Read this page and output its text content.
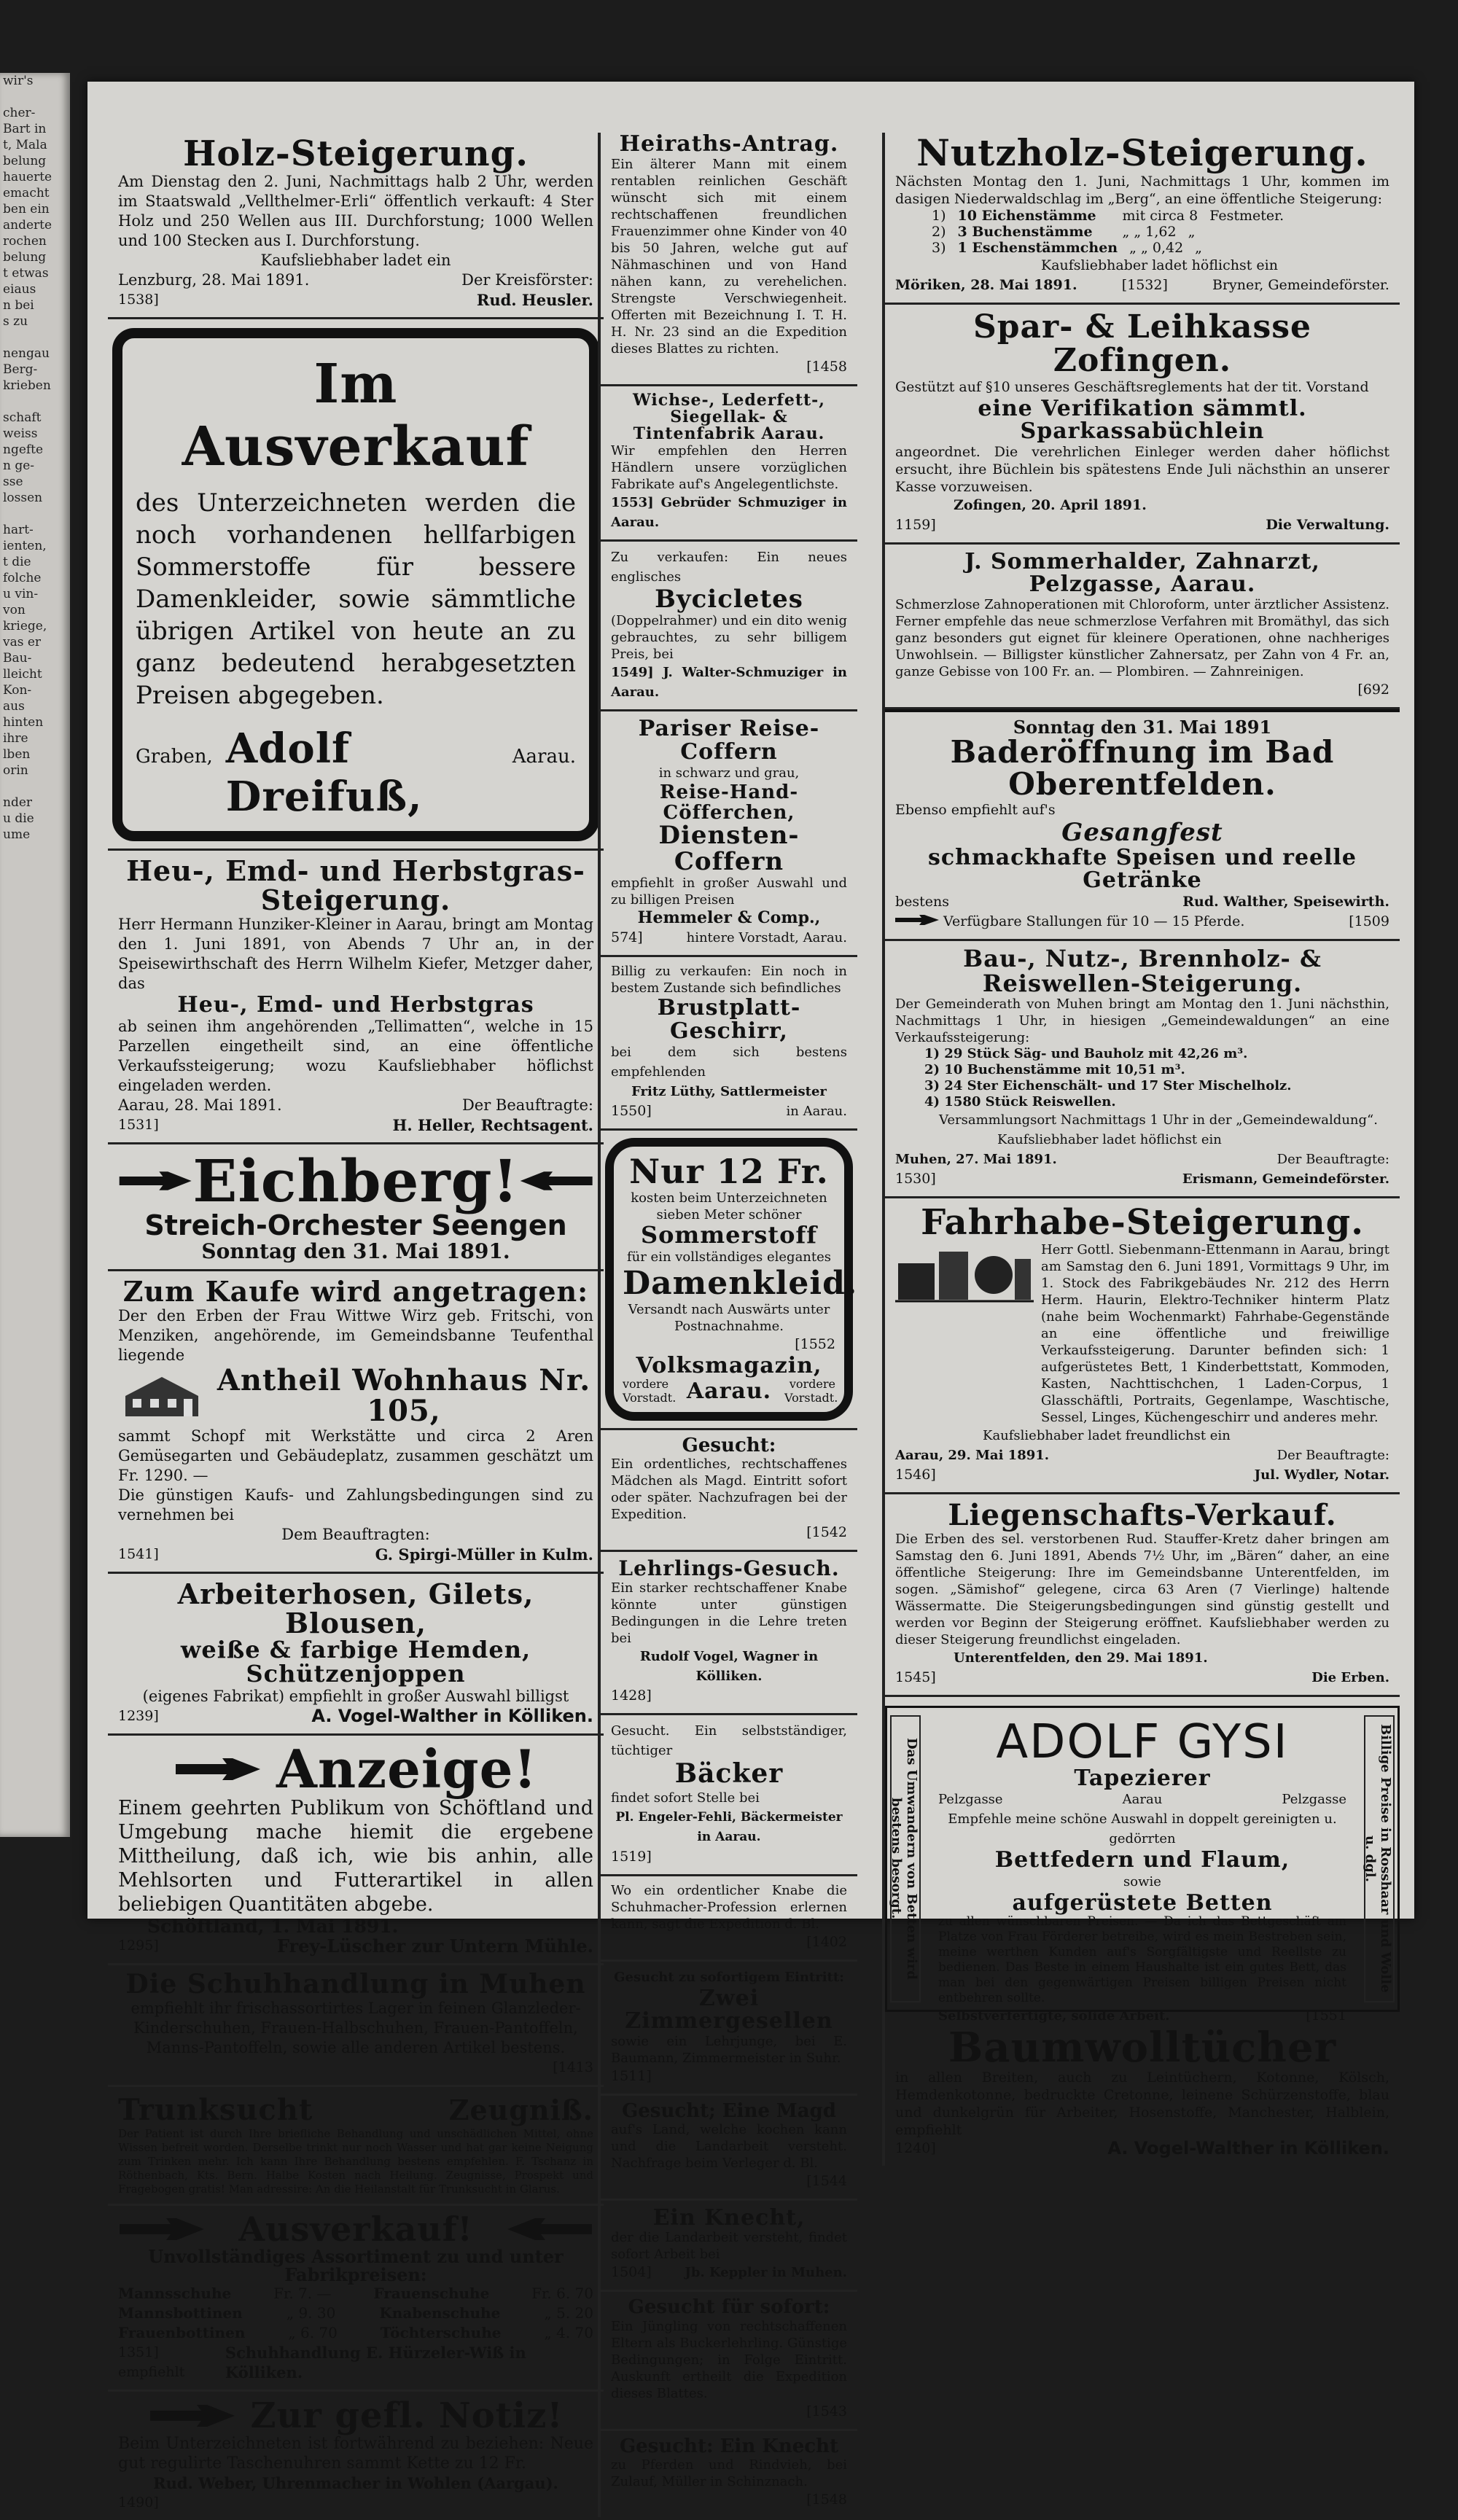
wir's

cher-

Bart in

t, Mala

belung

hauerte

emacht

ben ein

anderte

rochen

belung

t etwas

eiaus

n bei

s zu

nengau

Berg-

krieben

schaft

weiss

ngefte

n ge-

sse

lossen

hart-

ienten,

t die

folche

u vin-

von

kriege,

vas er

Bau-

lleicht

Kon-

aus

hinten

ihre

lben

orin

nder

u die

ume

Holz-Steigerung.

Am Dienstag den 2. Juni, Nachmittags halb 2 Uhr, werden im Staatswald „Vellthelmer-Erli“ öffentlich verkauft: 4 Ster Holz und 250 Wellen aus III. Durchforstung; 1000 Wellen und 100 Stecken aus I. Durchforstung.

Kaufsliebhaber ladet ein

Lenzburg, 28. Mai 1891.	Der Kreisförster:
1538]	Rud. Heusler.

Im Ausverkauf

des Unterzeichneten werden die noch vorhandenen hellfarbigen Sommerstoffe für bessere Damenkleider, sowie sämmtliche übrigen Artikel von heute an zu ganz bedeutend herabgesetzten Preisen abgegeben.

Graben, Adolf Dreifuß,
Aarau.

Heu-, Emd- und Herbstgras-Steigerung.

Herr Hermann Hunziker-Kleiner in Aarau, bringt am Montag den 1. Juni 1891, von Abends 7 Uhr an, in der Speisewirthschaft des Herrn Wilhelm Kiefer, Metzger daher, das

Heu-, Emd- und Herbstgras

ab seinen ihm angehörenden „Tellimatten“, welche in 15 Parzellen eingetheilt sind, an eine öffentliche Verkaufssteigerung; wozu Kaufsliebhaber höflichst eingeladen werden.

Aarau, 28. Mai 1891.	Der Beauftragte:
1531]	H. Heller, Rechtsagent.

Eichberg!

Streich-Orchester Seengen

Sonntag den 31. Mai 1891.

Zum Kaufe wird angetragen:

Der den Erben der Frau Wittwe Wirz geb. Fritschi, von Menziken, angehörende, im Gemeindsbanne Teufenthal liegende

Antheil Wohnhaus Nr. 105,

sammt Schopf mit Werkstätte und circa 2 Aren Gemüsegarten und Gebäudeplatz, zusammen geschätzt um Fr. 1290. —

Die günstigen Kaufs- und Zahlungsbedingungen sind zu vernehmen bei

Dem Beauftragten:

1541]	G. Spirgi-Müller in Kulm.

Arbeiterhosen, Gilets, Blousen,

weiße & farbige Hemden, Schützenjoppen

(eigenes Fabrikat) empfiehlt in großer Auswahl billigst

1239]	A. Vogel-Walther in Kölliken.

Anzeige!

Einem geehrten Publikum von Schöftland und Umgebung mache hiemit die ergebene Mittheilung, daß ich, wie bis anhin, alle Mehlsorten und Futterartikel in allen beliebigen Quantitäten abgebe.

Schöftland, 1. Mai 1891.

1295]	Frey-Lüscher zur Untern Mühle.

Die Schuhhandlung in Muhen

empfiehlt ihr frischassortirtes Lager in feinen Glanzleder-Kinderschuhen, Frauen-Halbschuhen, Frauen-Pantoffeln, Manns-Pantoffeln, sowie alle anderen Artikel bestens.

[1413
Trunksucht	Zeugniß.

Der Patient ist durch Ihre briefliche Behandlung und unschädlichen Mittel, ohne Wissen befreit worden. Derselbe trinkt nur noch Wasser und hat gar keine Neigung zum Trinken mehr. Ich kann Ihre Behandlung bestens empfehlen. F. Tschanz in Röthenbach, Kts. Bern. Halbe Kosten nach Heilung. Zeugnisse, Prospekt und Fragebogen gratis! Man adressire: An die Heilanstalt für Trunksucht in Glarus.

Ausverkauf!

Unvollständiges Assortiment zu und unter Fabrikpreisen:

Mannsschuhe	Fr. 7. —	Frauenschuhe	Fr. 6. 70
Mannsbottinen	„ 9. 30	Knabenschuhe	„ 5. 20
Frauenbottinen	„ 6. 70	Töchterschuhe	„ 4. 70
1351] empfiehlt
Schuhhandlung E. Hürzeler-Wiß in Kölliken.

Zur gefl. Notiz!

Beim Unterzeichneten ist fortwährend zu beziehen: Neue gut regulirte Taschenuhren sammt Kette zu 12 Fr.

Rud. Weber, Uhrenmacher in Wohlen (Aargau).

1490]

Heiraths-Antrag.

Ein älterer Mann mit einem rentablen reinlichen Geschäft wünscht sich mit einem rechtschaffenen freundlichen Frauenzimmer ohne Kinder von 40 bis 50 Jahren, welche gut auf Nähmaschinen und von Hand nähen kann, zu verehelichen. Strengste Verschwiegenheit. Offerten mit Bezeichnung I. T. H. H. Nr. 23 sind an die Expedition dieses Blattes zu richten.

[1458

Wichse-, Lederfett-, Siegellak- & Tintenfabrik Aarau.

Wir empfehlen den Herren Händlern unsere vorzüglichen Fabrikate auf's Angelegentlichste.

1553] Gebrüder Schmuziger in Aarau.

Zu verkaufen: Ein neues englisches

Bycicletes

(Doppelrahmer) und ein dito wenig gebrauchtes, zu sehr billigem Preis, bei

1549] J. Walter-Schmuziger in Aarau.

Pariser Reise-Coffern

in schwarz und grau,

Reise-Hand-Cöfferchen,

Diensten-Coffern

empfiehlt in großer Auswahl und zu billigen Preisen

Hemmeler & Comp.,

574]	hintere Vorstadt, Aarau.

Billig zu verkaufen: Ein noch in bestem Zustande sich befindliches

Brustplatt-Geschirr,

bei dem sich bestens empfehlenden

Fritz Lüthy, Sattlermeister

1550]	in Aarau.

Nur 12 Fr.

kosten beim Unterzeichneten sieben Meter schöner

Sommerstoff

für ein vollständiges elegantes

Damenkleid.

Versandt nach Auswärts unter Postnachnahme.

[1552

Volksmagazin,

vordere Vorstadt. Aarau.	vordere Vorstadt.

Gesucht:

Ein ordentliches, rechtschaffenes Mädchen als Magd. Eintritt sofort oder später. Nachzufragen bei der Expedition.

[1542

Lehrlings-Gesuch.

Ein starker rechtschaffener Knabe könnte unter günstigen Bedingungen in die Lehre treten bei

Rudolf Vogel, Wagner in Kölliken.

1428]

Gesucht. Ein selbstständiger, tüchtiger

Bäcker

findet sofort Stelle bei

Pl. Engeler-Fehli, Bäckermeister in Aarau.

1519]

Wo ein ordentlicher Knabe die Schuhmacher-Profession erlernen kann, sagt die Expedition d. Bl.

[1402

Gesucht zu sofortigem Eintritt:

Zwei Zimmergesellen

sowie ein Lehrjunge, bei E. Baumann, Zimmermeister in Suhr.

1511]

Gesucht; Eine Magd

auf's Land, welche kochen kann und die Landarbeit versteht. Nachfrage beim Verleger d. Bl.

[1544

Ein Knecht,

der die Landarbeit versteht, findet sofort Arbeit bei

1504]	Jb. Keppler in Muhen.

Gesucht für sofort:

Ein Jüngling von rechtschaffenen Eltern als Buckerlehrling. Günstige Bedingungen; in Folge Eintritt. Auskunft ertheilt die Expedition dieses Blattes.

[1543

Gesucht: Ein Knecht

zu Pferden und Rindvieh, bei Zulauf, Müller in Schinznach.

[1548

Nutzholz-Steigerung.

Nächsten Montag den 1. Juni, Nachmittags 1 Uhr, kommen im dasigen Niederwaldschlag im „Berg“, an eine öffentliche Steigerung:

1) 10 Eichenstämme	mit circa 8 Festmeter.
2) 3 Buchenstämme	„ „ 1,62 „
3) 1 Eschenstämmchen „ „ 0,42 „

Kaufsliebhaber ladet höflichst ein

Möriken, 28. Mai 1891.	[1532]	Bryner, Gemeindeförster.

Spar- & Leihkasse Zofingen.

Gestützt auf §10 unseres Geschäftsreglements hat der tit. Vorstand

eine Verifikation sämmtl. Sparkassabüchlein

angeordnet. Die verehrlichen Einleger werden daher höflichst ersucht, ihre Büchlein bis spätestens Ende Juli nächsthin an unserer Kasse vorzuweisen.

Zofingen, 20. April 1891.

1159]	Die Verwaltung.

J. Sommerhalder, Zahnarzt, Pelzgasse, Aarau.

Schmerzlose Zahnoperationen mit Chloroform, unter ärztlicher Assistenz. Ferner empfehle das neue schmerzlose Verfahren mit Bromäthyl, das sich ganz besonders gut eignet für kleinere Operationen, ohne nachheriges Unwohlsein. — Billigster künstlicher Zahnersatz, per Zahn von 4 Fr. an, ganze Gebisse von 100 Fr. an. — Plombiren. — Zahnreinigen.

[692

Sonntag den 31. Mai 1891

Baderöffnung im Bad Oberentfelden.

Ebenso empfiehlt auf's

Gesangfest

schmackhafte Speisen und reelle Getränke

bestens	Rud. Walther, Speisewirth.
Verfügbare Stallungen für 10 — 15 Pferde.	[1509

Bau-, Nutz-, Brennholz- & Reiswellen-Steigerung.

Der Gemeinderath von Muhen bringt am Montag den 1. Juni nächsthin, Nachmittags 1 Uhr, in hiesigen „Gemeindewaldungen“ an eine Verkaufssteigerung:

1) 29 Stück Säg- und Bauholz mit 42,26 m³.

2) 10 Buchenstämme mit 10,51 m³.

3) 24 Ster Eichenschält- und 17 Ster Mischelholz.

4) 1580 Stück Reiswellen.

Versammlungsort Nachmittags 1 Uhr in der „Gemeindewaldung“.

Kaufsliebhaber ladet höflichst ein

Muhen, 27. Mai 1891.	Der Beauftragte:
1530]	Erismann, Gemeindeförster.

Fahrhabe-Steigerung.

Herr Gottl. Siebenmann-Ettenmann in Aarau, bringt am Samstag den 6. Juni 1891, Vormittags 9 Uhr, im 1. Stock des Fabrikgebäudes Nr. 212 des Herrn Herm. Haurin, Elektro-Techniker hinterm Platz (nahe beim Wochenmarkt) Fahrhabe-Gegenstände an eine öffentliche und freiwillige Verkaufssteigerung. Darunter befinden sich: 1 aufgerüstetes Bett, 1 Kinderbettstatt, Kommoden, Kasten, Nachttischchen, 1 Laden-Corpus, 1 Glasschäftli, Portraits, Gegenlampe, Waschtische, Sessel, Linges, Küchengeschirr und anderes mehr.

Kaufsliebhaber ladet freundlichst ein

Aarau, 29. Mai 1891.	Der Beauftragte:
1546]	Jul. Wydler, Notar.

Liegenschafts-Verkauf.

Die Erben des sel. verstorbenen Rud. Stauffer-Kretz daher bringen am Samstag den 6. Juni 1891, Abends 7½ Uhr, im „Bären“ daher, an eine öffentliche Steigerung: Ihre im Gemeindsbanne Unterentfelden, im sogen. „Sämishof“ gelegene, circa 63 Aren (7 Vierlinge) haltende Wässermatte. Die Steigerungsbedingungen sind günstig gestellt und werden vor Beginn der Steigerung eröffnet. Kaufsliebhaber werden zu dieser Steigerung freundlichst eingeladen.

Unterentfelden, den 29. Mai 1891.

1545]	Die Erben.
Das Umwandern von Betten wird bestens besorgt.	Billige Preise in Rosshaar und Wolle u. dgl.

ADOLF GYSI

Tapezierer

Pelzgasse	Aarau	Pelzgasse

Empfehle meine schöne Auswahl in doppelt gereinigten u. gedörrten

Bettfedern und Flaum,

sowie

aufgerüstete Betten

zu allen wünschbaren Preisen. — Da ich das Bettgeschäft am Platze von Frau Förderer betreibe, wird es mein Bestreben sein, meine werthen Kunden auf's Sorgfältigste und Reellste zu bedienen. Das Beste in einem Haushalte ist ein gutes Bett, das man bei den gegenwärtigen Preisen billigen Preisen nicht entbehren sollte.

Selbstverfertigte, solide Arbeit.	[1551

Baumwolltücher

in allen Breiten, auch zu Leintüchern, Kotonne, Kölsch, Hemdenkotonne, bedruckte Cretonne, leinene Schürzenstoffe, blau und dunkelgrün für Arbeiter, Hosenstoffe, Manchester, Halblein, empfiehlt

1240]	A. Vogel-Walther in Kölliken.
